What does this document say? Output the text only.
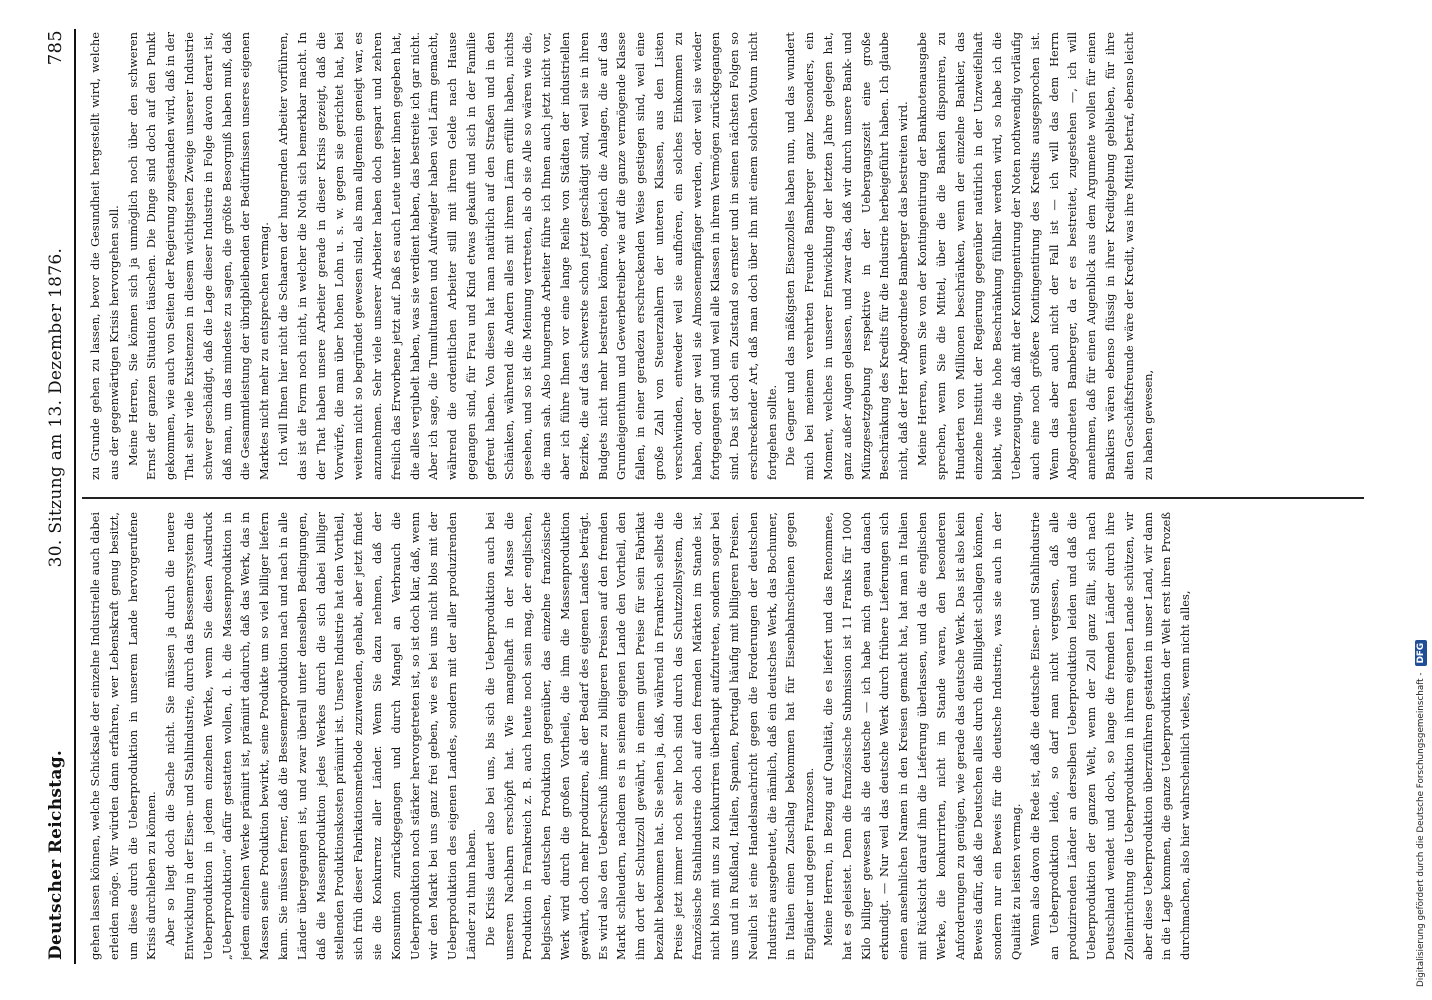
Deutscher Reichstag.
30. Sitzung am 13. Dezember 1876.
785

gehen lassen können, welche Schicksale der einzelne Industrielle auch dabei erleiden möge. Wir würden dann erfahren, wer Lebenskraft genug besitzt, um diese durch die Ueberproduktion in unserem Lande hervorgerufene Krisis durchleben zu können. Aber so liegt doch die Sache nicht. Sie müssen ja durch die neuere Entwicklung in der Eisen- und Stahlindustrie, durch das Bessemersystem die Ueberproduktion in jedem einzelnen Werke, wenn Sie diesen Ausdruck „Ueberproduktion“ dafür gestatten wollen, d. h. die Massenproduktion in jedem einzelnen Werke prämiirt ist, prämiirt dadurch, daß das Werk, das in Massen seine Produktion bewirkt, seine Produkte um so viel billiger liefern kann. Sie müssen ferner, daß die Bessemerproduktion nach und nach in alle Länder übergegangen ist, und zwar überall unter denselben Bedingungen, daß die Massenproduktion jedes Werkes durch die sich dabei billiger stellenden Produktionskosten prämiirt ist. Unsere Industrie hat den Vortheil, sich früh dieser Fabrikationsmethode zuzuwenden, gehabt, aber jetzt findet sie die Konkurrenz aller Länder. Wenn Sie dazu nehmen, daß der Konsumtion zurückgegangen und durch Mangel an Verbrauch die Ueberproduktion noch stärker hervorgetreten ist, so ist doch klar, daß, wenn wir den Markt bei uns ganz frei geben, wie es bei uns nicht blos mit der Ueberproduktion des eigenen Landes, sondern mit der aller produzirenden Länder zu thun haben. Die Krisis dauert also bei uns, bis sich die Ueberproduktion auch bei unseren Nachbarn erschöpft hat. Wie mangelhaft in der Masse die Produktion in Frankreich z. B. auch heute noch sein mag, der englischen, belgischen, deutschen Produktion gegenüber, das einzelne französische Werk wird durch die großen Vortheile, die ihm die Massenproduktion gewährt, doch mehr produziren, als der Bedarf des eigenen Landes beträgt. Es wird also den Ueberschuß immer zu billigeren Preisen auf den fremden Markt schleudern, nachdem es in seinem eigenen Lande den Vortheil, den ihm dort der Schutzzoll gewährt, in einem guten Preise für sein Fabrikat bezahlt bekommen hat. Sie sehen ja, daß, während in Frankreich selbst die Preise jetzt immer noch sehr hoch sind durch das Schutzzollsystem, die französische Stahlindustrie doch auf den fremden Märkten im Stande ist, nicht blos mit uns zu konkurriren überhaupt aufzutreten, sondern sogar bei uns und in Rußland, Italien, Spanien, Portugal häufig mit billigeren Preisen. Neulich ist eine Handelsnachricht gegen die Forderungen der deutschen Industrie ausgebeutet, die nämlich, daß ein deutsches Werk, das Bochumer, in Italien einen Zuschlag bekommen hat für Eisenbahnschienen gegen Engländer und gegen Franzosen. Meine Herren, in Bezug auf Qualität, die es liefert und das Renommee, hat es geleistet. Denn die französische Submission ist 11 Franks für 1000 Kilo billiger gewesen als die deutsche — ich habe mich genau danach erkundigt. — Nur weil das deutsche Werk durch frühere Lieferungen sich einen ansehnlichen Namen in den Kreisen gemacht hat, hat man in Italien mit Rücksicht darauf ihm die Lieferung überlassen, und da die englischen Werke, die konkurrirten, nicht im Stande waren, den besonderen Anforderungen zu genügen, wie gerade das deutsche Werk. Das ist also kein Beweis dafür, daß die Deutschen alles durch die Billigkeit schlagen können, sondern nur ein Beweis für die deutsche Industrie, was sie auch in der Qualität zu leisten vermag. Wenn also davon die Rede ist, daß die deutsche Eisen- und Stahlindustrie an Ueberproduktion leide, so darf man nicht vergessen, daß alle produzirenden Länder an derselben Ueberproduktion leiden und daß die Ueberproduktion der ganzen Welt, wenn der Zoll ganz fällt, sich nach Deutschland wendet und doch, so lange die fremden Länder durch ihre Zolleinrichtung die Ueberproduktion in ihrem eigenen Lande schützen, wir aber diese Ueberproduktion überzuführen gestatten in unser Land, wir dann in die Lage kommen, die ganze Ueberproduktion der Welt erst ihren Prozeß durchmachen, also hier wahrscheinlich vieles, wenn nicht alles,

zu Grunde gehen zu lassen, bevor die Gesundheit hergestellt wird, welche aus der gegenwärtigen Krisis hervorgehen soll. Meine Herren, Sie können sich ja unmöglich noch über den schweren Ernst der ganzen Situation täuschen. Die Dinge sind doch auf den Punkt gekommen, wie auch von Seiten der Regierung zugestanden wird, daß in der That sehr viele Existenzen in diesem wichtigsten Zweige unserer Industrie schwer geschädigt, daß die Lage dieser Industrie in Folge davon derart ist, daß man, um das mindeste zu sagen, die größte Besorgniß haben muß, daß die Gesammtleistung der übrigbleibenden der Bedürfnissen unseres eigenen Marktes nicht mehr zu entsprechen vermag. Ich will Ihnen hier nicht die Schaaren der hungernden Arbeiter vorführen, das ist die Form noch nicht, in welcher die Noth sich bemerkbar macht. In der That haben unsere Arbeiter gerade in dieser Krisis gezeigt, daß die Vorwürfe, die man über hohen Lohn u. s. w. gegen sie gerichtet hat, bei weitem nicht so begründet gewesen sind, als man allgemein geneigt war, es anzunehmen. Sehr viele unserer Arbeiter haben doch gespart und zehren freilich das Erworbene jetzt auf. Daß es auch Leute unter ihnen gegeben hat, die alles verjubelt haben, was sie verdient haben, das bestreite ich gar nicht. Aber ich sage, die Tumultuanten und Aufwiegler haben viel Lärm gemacht, während die ordentlichen Arbeiter still mit ihrem Gelde nach Hause gegangen sind, für Frau und Kind etwas gekauft und sich in der Familie gefreut haben. Von diesen hat man natürlich auf den Straßen und in den Schänken, während die Andern alles mit ihrem Lärm erfüllt haben, nichts gesehen, und so ist die Meinung vertreten, als ob sie Alle so wären wie die, die man sah. Also hungernde Arbeiter führe ich Ihnen auch jetzt nicht vor, aber ich führe Ihnen vor eine lange Reihe von Städten der industriellen Bezirke, die auf das schwerste schon jetzt geschädigt sind, weil sie in ihren Budgets nicht mehr bestreiten können, obgleich die Anlagen, die auf das Grundeigenthum und Gewerbetreiber wie auf die ganze vermögende Klasse fallen, in einer geradezu erschreckenden Weise gestiegen sind, weil eine große Zahl von Steuerzahlern der unteren Klassen, aus den Listen verschwinden, entweder weil sie aufhören, ein solches Einkommen zu haben, oder gar weil sie Almosenempfänger werden, oder weil sie wieder fortgegangen sind und weil alle Klassen in ihrem Vermögen zurückgegangen sind. Das ist doch ein Zustand so ernster und in seinen nächsten Folgen so erschreckender Art, daß man doch über ihn mit einem solchen Votum nicht fortgehen sollte. Die Gegner und das mäßigsten Eisenzolles haben nun, und das wundert mich bei meinem verehrten Freunde Bamberger ganz besonders, ein Moment, welches in unserer Entwicklung der letzten Jahre gelegen hat, ganz außer Augen gelassen, und zwar das, daß wir durch unsere Bank- und Münzgesetzgebung respektive in der Uebergangszeit eine große Beschränkung des Kredits für die Industrie herbeigeführt haben. Ich glaube nicht, daß der Herr Abgeordnete Bamberger das bestreiten wird. Meine Herren, wenn Sie von der Kontingentirung der Banknotenausgabe sprechen, wenn Sie die Mittel, über die die Banken disponiren, zu Hunderten von Millionen beschränken, wenn der einzelne Bankier, das einzelne Institut der Regierung gegenüber natürlich in der Unzweifelhaft bleibt, wie die hohe Beschränkung fühlbar werden wird, so habe ich die Ueberzeugung, daß mit der Kontingentirung der Noten nothwendig vorläufig auch eine noch größere Kontingentirung des Kredits ausgesprochen ist. Wenn das aber auch nicht der Fall ist — ich will das dem Herrn Abgeordneten Bamberger, da er es bestreitet, zugestehen —, ich will annehmen, daß für einen Augenblick aus dem Argumente wollen für einen Bankiers wären ebenso flüssig in ihrer Kreditgebung geblieben, für ihre alten Geschäftsfreunde wäre der Kredit, was ihre Mittel betraf, ebenso leicht zu haben gewesen,

Digitalisierung gefördert durch die Deutsche Forschungsgemeinschaft -DFG
